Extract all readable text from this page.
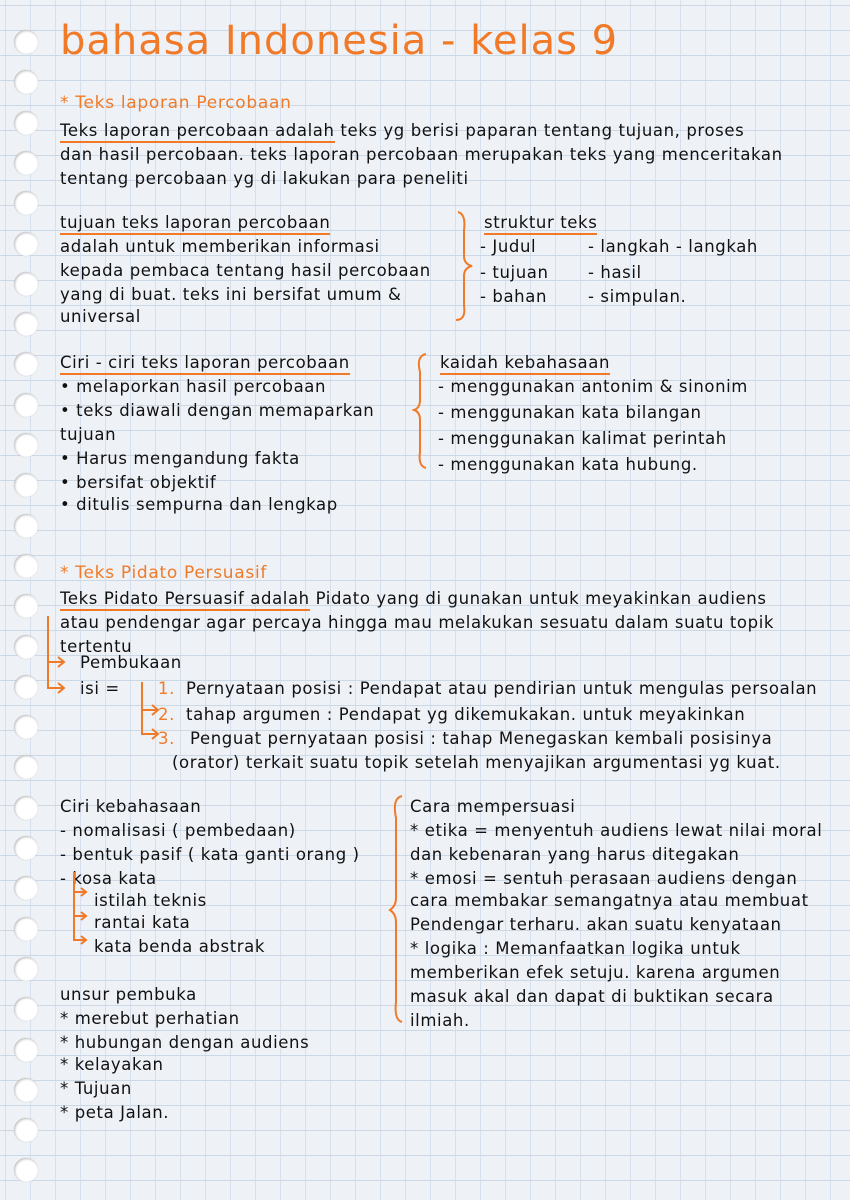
bahasa Indonesia - kelas 9
* Teks laporan Percobaan
Teks laporan percobaan adalah teks yg berisi paparan tentang tujuan, proses
dan hasil percobaan. teks laporan percobaan merupakan teks yang menceritakan
tentang percobaan yg di lakukan para peneliti
tujuan teks laporan percobaan
adalah untuk memberikan informasi
kepada pembaca tentang hasil percobaan
yang di buat. teks ini bersifat umum &
universal
struktur teks
- Judul
- tujuan
- bahan
- langkah - langkah
- hasil
- simpulan.
Ciri - ciri teks laporan percobaan
• melaporkan hasil percobaan
• teks diawali dengan memaparkan
tujuan
• Harus mengandung fakta
• bersifat objektif
• ditulis sempurna dan lengkap
kaidah kebahasaan
- menggunakan antonim & sinonim
- menggunakan kata bilangan
- menggunakan kalimat perintah
- menggunakan kata hubung.
* Teks Pidato Persuasif
Teks Pidato Persuasif adalah Pidato yang di gunakan untuk meyakinkan audiens
atau pendengar agar percaya hingga mau melakukan sesuatu dalam suatu topik
tertentu
Pembukaan
isi = 1. Pernyataan posisi : Pendapat atau pendirian untuk mengulas persoalan
2. tahap argumen : Pendapat yg dikemukakan. untuk meyakinkan
3. Penguat pernyataan posisi : tahap Menegaskan kembali posisinya
(orator) terkait suatu topik setelah menyajikan argumentasi yg kuat.
Ciri kebahasaan
- nomalisasi ( pembedaan)
- bentuk pasif ( kata ganti orang )
- kosa kata
istilah teknis
rantai kata
kata benda abstrak
unsur pembuka
* merebut perhatian
* hubungan dengan audiens
* kelayakan
* Tujuan
* peta Jalan.
Cara mempersuasi
* etika = menyentuh audiens lewat nilai moral
dan kebenaran yang harus ditegakan
* emosi = sentuh perasaan audiens dengan
cara membakar semangatnya atau membuat
Pendengar terharu. akan suatu kenyataan
* logika : Memanfaatkan logika untuk
memberikan efek setuju. karena argumen
masuk akal dan dapat di buktikan secara
ilmiah.
